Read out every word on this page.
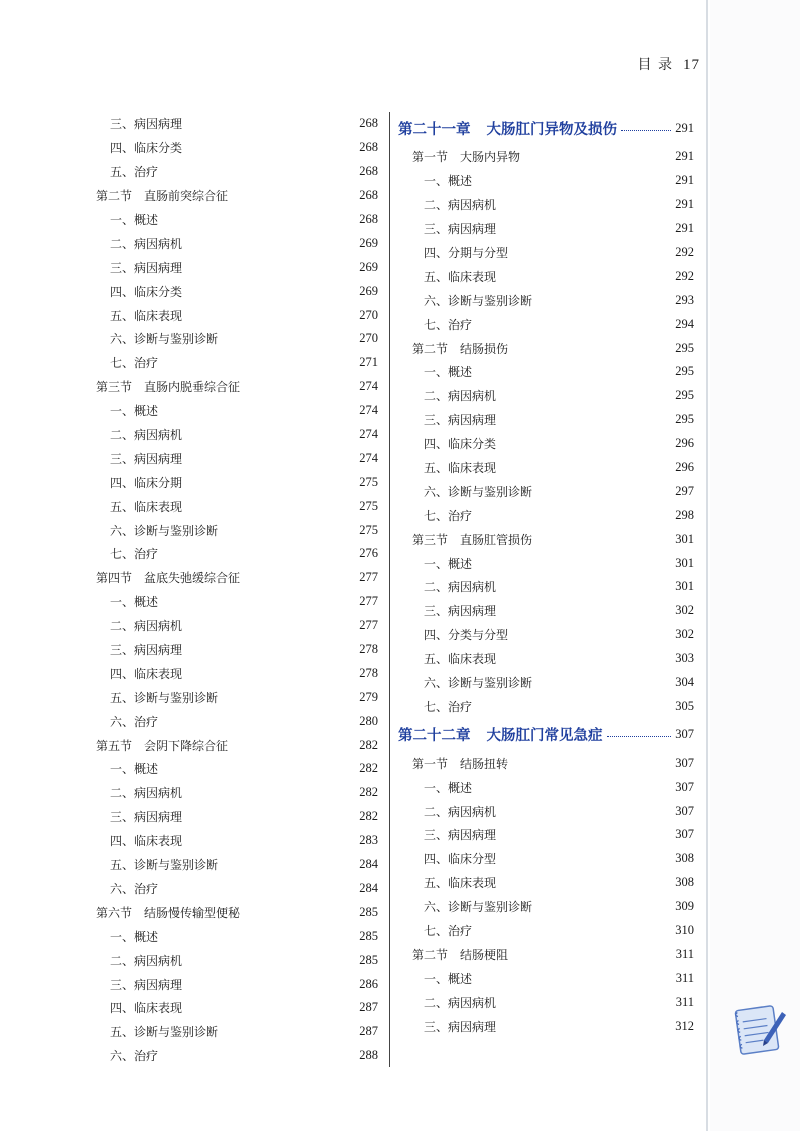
目 录 17
三、病因病理	268
四、临床分类	268
五、治疗	268
第二节　直肠前突综合征	268
一、概述	268
二、病因病机	269
三、病因病理	269
四、临床分类	269
五、临床表现	270
六、诊断与鉴别诊断	270
七、治疗	271
第三节　直肠内脱垂综合征	274
一、概述	274
二、病因病机	274
三、病因病理	274
四、临床分期	275
五、临床表现	275
六、诊断与鉴别诊断	275
七、治疗	276
第四节　盆底失弛缓综合征	277
一、概述	277
二、病因病机	277
三、病因病理	278
四、临床表现	278
五、诊断与鉴别诊断	279
六、治疗	280
第五节　会阴下降综合征	282
一、概述	282
二、病因病机	282
三、病因病理	282
四、临床表现	283
五、诊断与鉴别诊断	284
六、治疗	284
第六节　结肠慢传输型便秘	285
一、概述	285
二、病因病机	285
三、病因病理	286
四、临床表现	287
五、诊断与鉴别诊断	287
六、治疗	288
第二十一章 大肠肛门异物及损伤	291
第一节　大肠内异物	291
一、概述	291
二、病因病机	291
三、病因病理	291
四、分期与分型	292
五、临床表现	292
六、诊断与鉴别诊断	293
七、治疗	294
第二节　结肠损伤	295
一、概述	295
二、病因病机	295
三、病因病理	295
四、临床分类	296
五、临床表现	296
六、诊断与鉴别诊断	297
七、治疗	298
第三节　直肠肛管损伤	301
一、概述	301
二、病因病机	301
三、病因病理	302
四、分类与分型	302
五、临床表现	303
六、诊断与鉴别诊断	304
七、治疗	305
第二十二章 大肠肛门常见急症	307
第一节　结肠扭转	307
一、概述	307
二、病因病机	307
三、病因病理	307
四、临床分型	308
五、临床表现	308
六、诊断与鉴别诊断	309
七、治疗	310
第二节　结肠梗阻	311
一、概述	311
二、病因病机	311
三、病因病理	312
